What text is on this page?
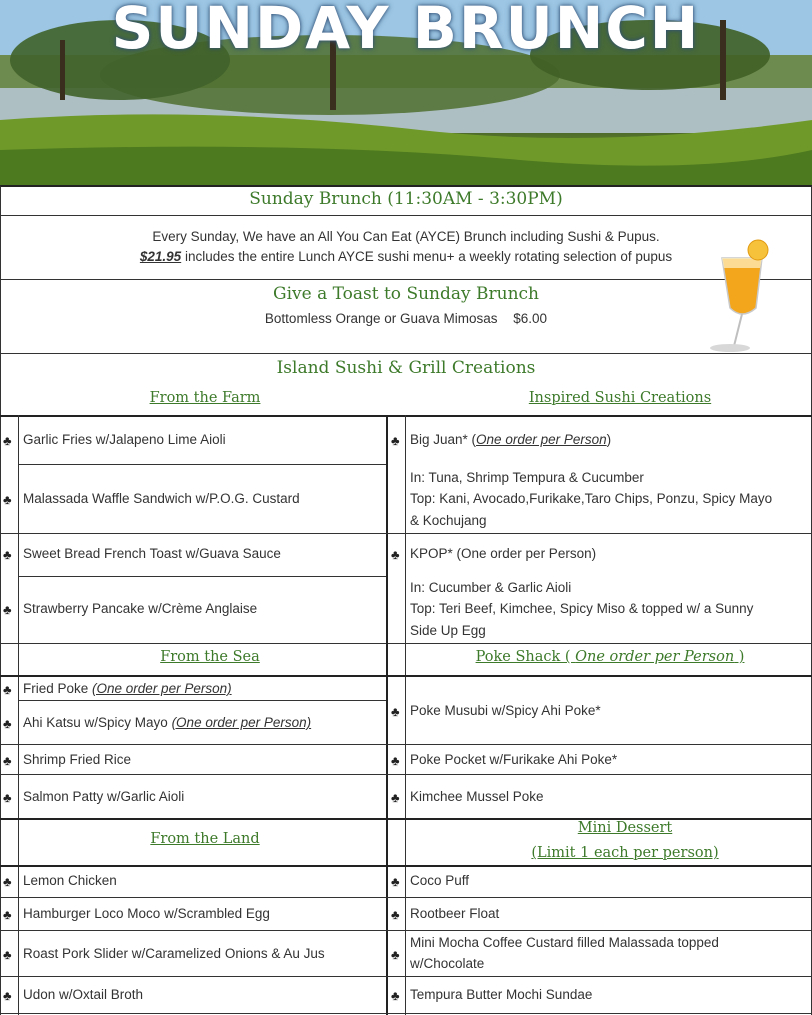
SUNDAY BRUNCH
Sunday Brunch (11:30AM - 3:30PM)
Every Sunday, We have an All You Can Eat (AYCE) Brunch including Sushi & Pupus.
$21.95 includes the entire Lunch AYCE sushi menu+ a weekly rotating selection of pupus
Give a Toast to Sunday Brunch
Bottomless Orange or Guava Mimosas $6.00
Island Sushi & Grill Creations
From the Farm	Inspired Sushi Creations
♣ Garlic Fries w/Jalapeno Lime Aioli
♣ Malassada Waffle Sandwich w/P.O.G. Custard
♣ Sweet Bread French Toast w/Guava Sauce
♣ Strawberry Pancake w/Crème Anglaise
♣ Big Juan* (One order per Person)
In: Tuna, Shrimp Tempura & Cucumber
Top: Kani, Avocado,Furikake,Taro Chips, Ponzu, Spicy Mayo
& Kochujang
♣ KPOP* (One order per Person)
In: Cucumber & Garlic Aioli
Top: Teri Beef, Kimchee, Spicy Miso & topped w/ a Sunny
Side Up Egg
From the Sea	Poke Shack ( One order per Person )
♣ Fried Poke (One order per Person)
♣ Ahi Katsu w/Spicy Mayo (One order per Person)
♣ Shrimp Fried Rice
♣ Salmon Patty w/Garlic Aioli
♣ Poke Musubi w/Spicy Ahi Poke*
♣ Poke Pocket w/Furikake Ahi Poke*
♣ Kimchee Mussel Poke
From the Land
Mini Dessert
(Limit 1 each per person)
♣ Lemon Chicken
♣ Hamburger Loco Moco w/Scrambled Egg
♣ Roast Pork Slider w/Caramelized Onions & Au Jus
♣ Udon w/Oxtail Broth
♣ Coco Puff
♣ Rootbeer Float
♣
Mini Mocha Coffee Custard filled Malassada topped
w/Chocolate
♣ Tempura Butter Mochi Sundae
